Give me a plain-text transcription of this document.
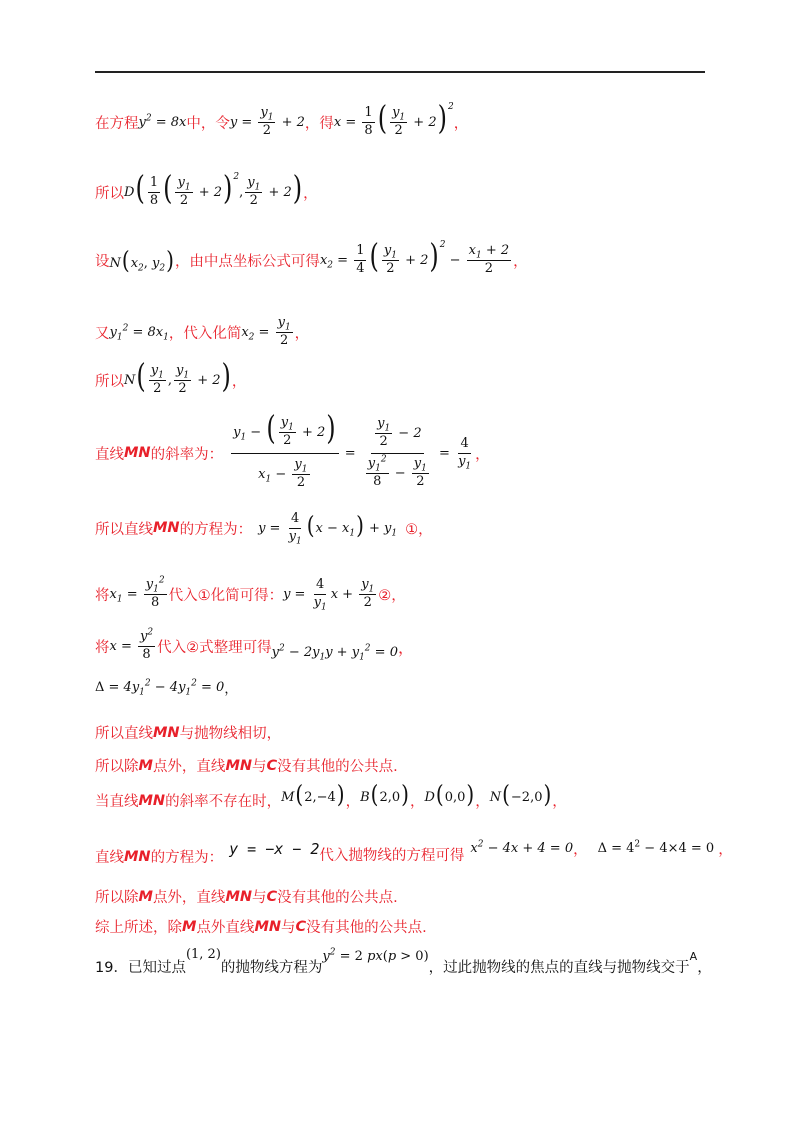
在方程 $y^2 = 8x$ 中，令 $y = \frac{y_1}{2} + 2$ ，得 $x = \frac{1}{8}$ ( $\frac{y_1}{2} + 2)^2$
，
所以 $D( \frac{1}{8}$ ( $\frac{y_1}{2} + 2)^2$, $\frac{y_1}{2} + 2$) ，
设 $N(x_2$, $y_2$) ，由中点坐标公式可得 $x_2 = \frac{1}{4}$ ( $\frac{y_1}{2} + 2)^2 - \frac{x_1 + 2}{2}$ ，
又 $y_1^2 = 8x_1$ ，代入化简 $x_2 = \frac{y_1}{2}$ ，
所以 $N( \frac{y_1}{2}$ , $\frac{y_1}{2} + 2$) ，
直线 MN 的斜率为： $\frac{y_1 - ( \frac{y_1}{2} + 2)}{x_1 - \frac{y_1}{2}} = \frac{\frac{y_1}{2} - 2}{\frac{y_1^2}{8} - \frac{y_1}{2}} = \frac{4}{y_1}$ ，
所以直线 MN 的方程为： $y = \frac{4}{y_1} (x - x_1) + y_1$ ①，
将 $x_1 = \frac{y_1^2}{8}$ 代入①化简可得： $y = \frac{4}{y_1}$ $x + \frac{y_1}{2}$ ②，
将 $x = \frac{y^2}{8}$ 代入②式整理可得 $y^2 - 2y_1y + y_1^2 = 0$ ，
$\Delta = 4y_1^2 - 4y_1^2 = 0$ ，
所以直线 MN 与抛物线相切，
所以除 M 点外，直线 MN 与 C 没有其他的公共点.
当直线 MN 的斜率不存在时， M(2,−4) ， B(2,0) ， D(0,0) ， N(−2,0) ，
直线 MN 的方程为：
y = −x − 2 代入抛物线的方程可得 $x^2 - 4x + 4 = 0$ ， $\Delta = 4^2 - 4\times 4 = 0$ ，
所以除 M 点外，直线 MN 与 C 没有其他的公共点.
综上所述，除 M 点外直线 MN 与 C 没有其他的公共点.
19．已知过点
(1, 2)
的抛物线方程为
$y^2 = 2$ px(p > 0)
，过此抛物线的焦点的直线与抛物线交于
A
，
